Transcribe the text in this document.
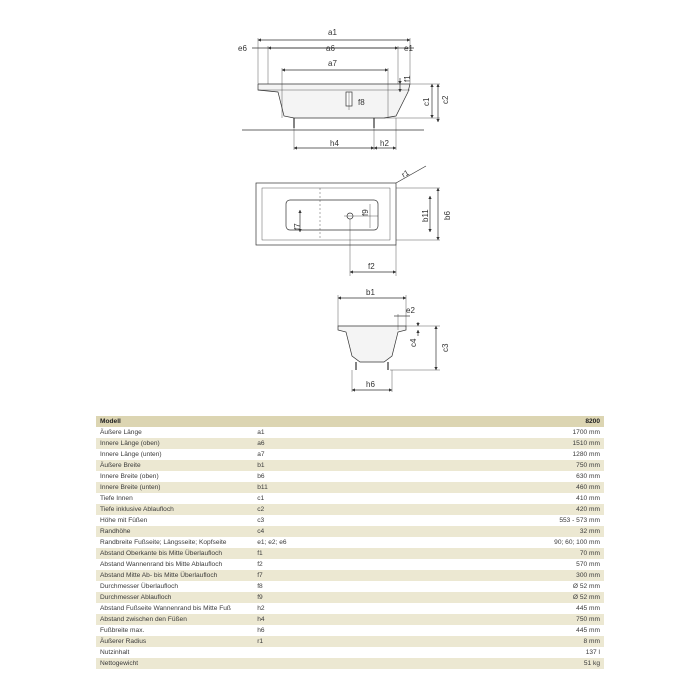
a1
e6	a6	e1
a7
f1
f8	c1 c2
h4	h2
r1
f9
f7
b11 b6
f2
b1
e2
c4
c3
h6
Modell		8200
Äußere Länge	a1	1700 mm
Innere Länge (oben)	a6	1510 mm
Innere Länge (unten)	a7	1280 mm
Äußere Breite	b1	750 mm
Innere Breite (oben)	b6	630 mm
Innere Breite (unten)	b11	460 mm
Tiefe Innen	c1	410 mm
Tiefe inklusive Ablaufloch	c2	420 mm
Höhe mit Füßen	c3	553 - 573 mm
Randhöhe	c4	32 mm
Randbreite Fußseite; Längsseite; Kopfseite	e1; e2; e6	90; 60; 100 mm
Abstand Oberkante bis Mitte Überlaufloch	f1	70 mm
Abstand Wannenrand bis Mitte Ablaufloch	f2	570 mm
Abstand Mitte Ab- bis Mitte Überlaufloch	f7	300 mm
Durchmesser Überlaufloch	f8	Ø 52 mm
Durchmesser Ablaufloch	f9	Ø 52 mm
Abstand Fußseite Wannenrand bis Mitte Fuß	h2	445 mm
Abstand zwischen den Füßen	h4	750 mm
Fußbreite max.	h6	445 mm
Äußerer Radius	r1	8 mm
Nutzinhalt		137 l
Nettogewicht		51 kg
